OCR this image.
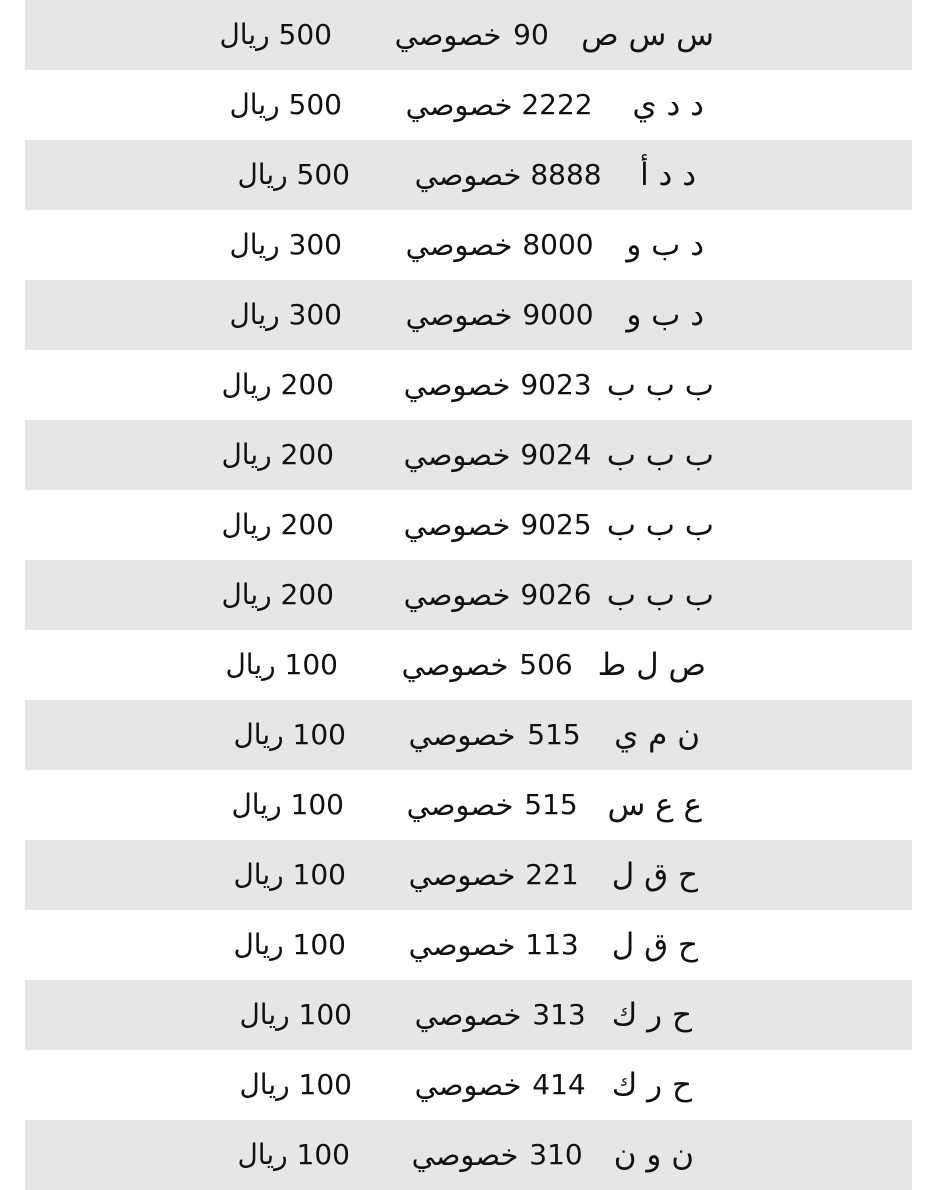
س س ص
90
خصوصي
500 ريال
د د ي
2222
خصوصي
500 ريال
د د أ
8888
خصوصي
500 ريال
د ب و
8000
خصوصي
300 ريال
د ب و
9000
خصوصي
300 ريال
ب ب ب
9023
خصوصي
200 ريال
ب ب ب
9024
خصوصي
200 ريال
ب ب ب
9025
خصوصي
200 ريال
ب ب ب
9026
خصوصي
200 ريال
ص ل ط
506
خصوصي
100 ريال
ن م ي
515
خصوصي
100 ريال
ع ع س
515
خصوصي
100 ريال
ح ق ل
221
خصوصي
100 ريال
ح ق ل
113
خصوصي
100 ريال
ح ر ك
313
خصوصي
100 ريال
ح ر ك
414
خصوصي
100 ريال
ن و ن
310
خصوصي
100 ريال
